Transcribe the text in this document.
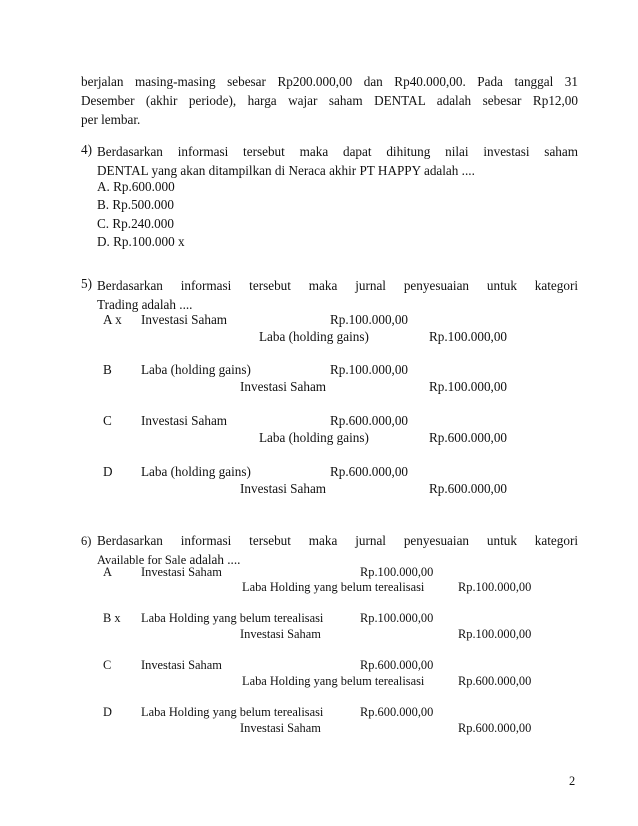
berjalan masing-masing sebesar Rp200.000,00 dan Rp40.000,00. Pada tanggal 31
Desember (akhir periode), harga wajar saham DENTAL adalah sebesar Rp12,00
per lembar.
4) Berdasarkan informasi tersebut maka dapat dihitung nilai investasi saham
DENTAL yang akan ditampilkan di Neraca akhir PT HAPPY adalah ....
A. Rp.600.000
B. Rp.500.000
C. Rp.240.000
D. Rp.100.000 x
5) Berdasarkan informasi tersebut maka jurnal penyesuaian untuk kategori
Trading adalah ....
A x Investasi Saham	Rp.100.000,00
Laba (holding gains)	Rp.100.000,00
B Laba (holding gains)	Rp.100.000,00
Investasi Saham	Rp.100.000,00
C Investasi Saham	Rp.600.000,00
Laba (holding gains)	Rp.600.000,00
D Laba (holding gains)	Rp.600.000,00
Investasi Saham	Rp.600.000,00
6) Berdasarkan informasi tersebut maka jurnal penyesuaian untuk kategori
Available for Sale adalah ....
A Investasi Saham	Rp.100.000,00
Laba Holding yang belum terealisasi	Rp.100.000,00
B x Laba Holding yang belum terealisasi	Rp.100.000,00
Investasi Saham	Rp.100.000,00
C Investasi Saham	Rp.600.000,00
Laba Holding yang belum terealisasi	Rp.600.000,00
D Laba Holding yang belum terealisasi	Rp.600.000,00
Investasi Saham	Rp.600.000,00
2
